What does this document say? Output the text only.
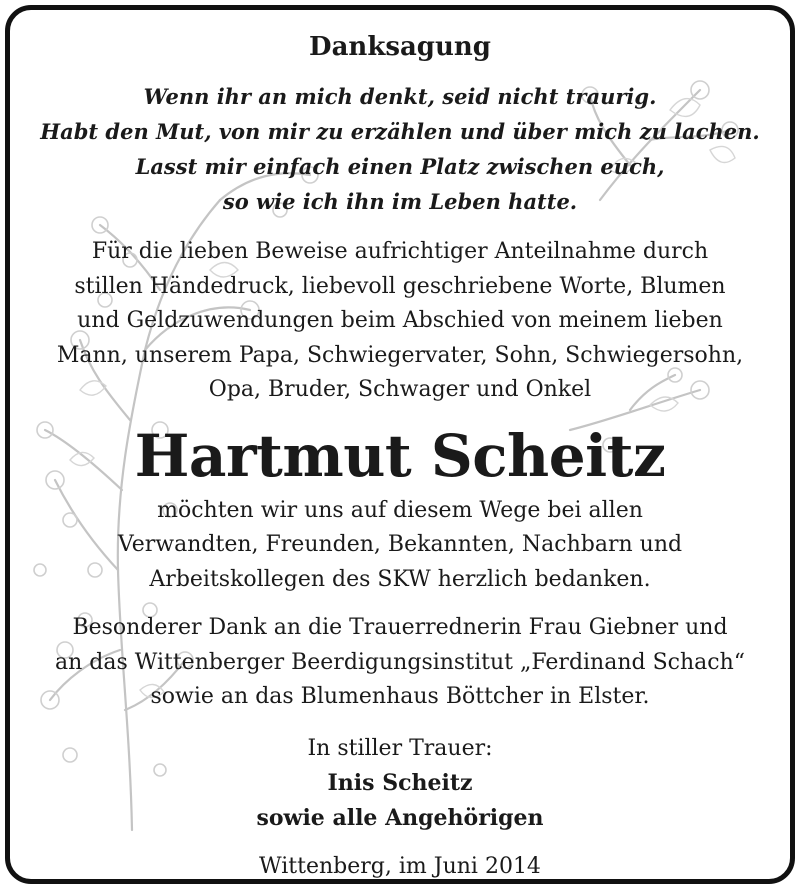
Danksagung
Wenn ihr an mich denkt, seid nicht traurig.
Habt den Mut, von mir zu erzählen und über mich zu lachen.
Lasst mir einfach einen Platz zwischen euch,
so wie ich ihn im Leben hatte.
Für die lieben Beweise aufrichtiger Anteilnahme durch
stillen Händedruck, liebevoll geschriebene Worte, Blumen
und Geldzuwendungen beim Abschied von meinem lieben
Mann, unserem Papa, Schwiegervater, Sohn, Schwiegersohn,
Opa, Bruder, Schwager und Onkel
Hartmut Scheitz
möchten wir uns auf diesem Wege bei allen
Verwandten, Freunden, Bekannten, Nachbarn und
Arbeitskollegen des SKW herzlich bedanken.
Besonderer Dank an die Trauerrednerin Frau Giebner und
an das Wittenberger Beerdigungsinstitut „Ferdinand Schach“
sowie an das Blumenhaus Böttcher in Elster.
In stiller Trauer:
Inis Scheitz
sowie alle Angehörigen
Wittenberg, im Juni 2014
